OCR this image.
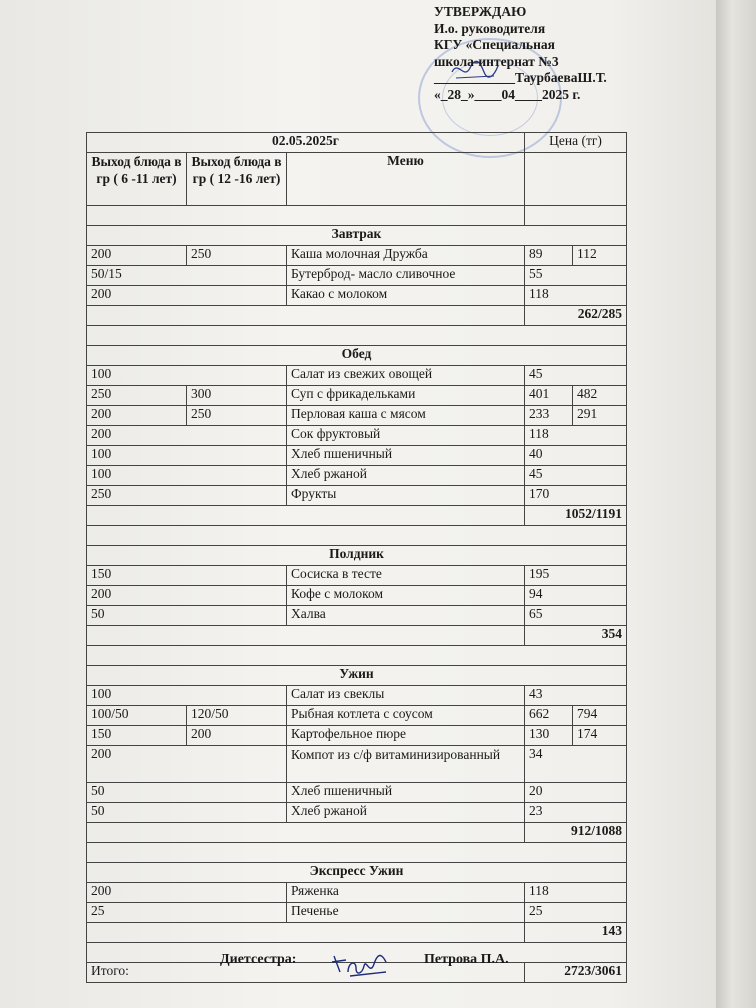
УТВЕРЖДАЮ
И.о. руководителя
КГУ «Специальная
школа-интернат №3
____________ТаурбаеваШ.Т.
«_28_»____04____2025 г.
02.05.2025г			Цена (тг)	
Выход блюда в гр ( 6 -11 лет)	Выход блюда в гр ( 12 -16 лет)	Меню		

Завтрак				
200	250	Каша молочная Дружба	89	112
50/15		Бутерброд- масло сливочное	55	
200		Какао с молоком	118	
			262/285	

Обед				
100		Салат из свежих овощей	45	
250	300	Суп с фрикадельками	401	482
200	250	Перловая каша с мясом	233	291
200		Сок фруктовый	118	
100		Хлеб пшеничный	40	
100		Хлеб ржаной	45	
250		Фрукты	170	
			1052/1191	

Полдник				
150		Сосиска в тесте	195	
200		Кофе с молоком	94	
50		Халва	65	
			354	

Ужин				
100		Салат из свеклы	43	
100/50	120/50	Рыбная котлета с соусом	662	794
150	200	Картофельное пюре	130	174
200		Компот из с/ф витаминизированный	34	
50		Хлеб пшеничный	20	
50		Хлеб ржаной	23	
			912/1088	

Экспресс Ужин				
200		Ряженка	118	
25		Печенье	25	
			143	

Итого:			2723/3061	
Диетсестра:	Петрова П.А.
